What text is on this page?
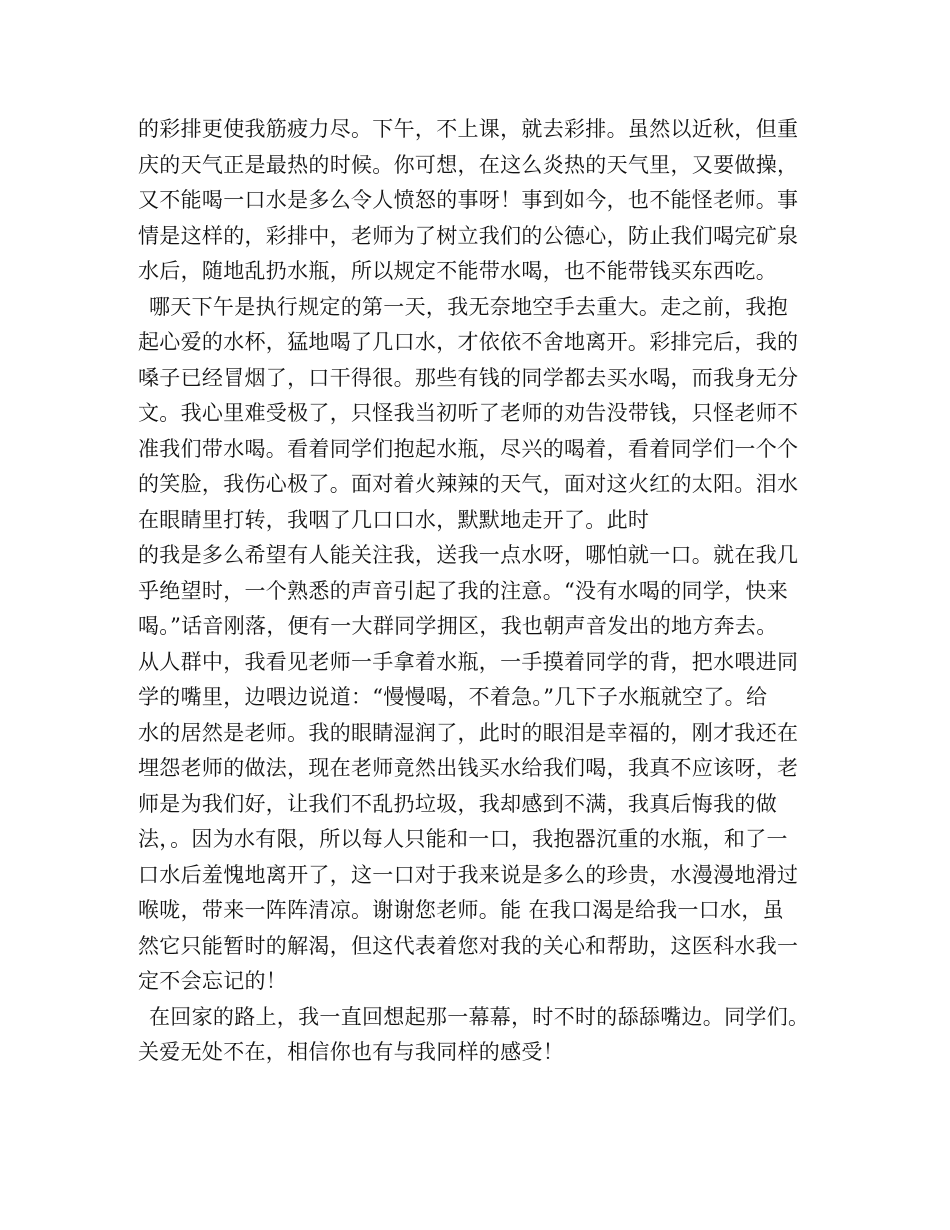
的彩排更使我筋疲力尽。下午，不上课，就去彩排。虽然以近秋，但重
庆的天气正是最热的时候。你可想，在这么炎热的天气里，又要做操，
又不能喝一口水是多么令人愤怒的事呀！事到如今，也不能怪老师。事
情是这样的，彩排中，老师为了树立我们的公德心，防止我们喝完矿泉
水后，随地乱扔水瓶，所以规定不能带水喝，也不能带钱买东西吃。
哪天下午是执行规定的第一天，我无奈地空手去重大。走之前，我抱
起心爱的水杯，猛地喝了几口水，才依依不舍地离开。彩排完后，我的
嗓子已经冒烟了，口干得很。那些有钱的同学都去买水喝，而我身无分
文。我心里难受极了，只怪我当初听了老师的劝告没带钱，只怪老师不
准我们带水喝。看着同学们抱起水瓶，尽兴的喝着，看着同学们一个个
的笑脸，我伤心极了。面对着火辣辣的天气，面对这火红的太阳。泪水
在眼睛里打转，我咽了几口口水，默默地走开了。此时
的我是多么希望有人能关注我，送我一点水呀，哪怕就一口。就在我几
乎绝望时，一个熟悉的声音引起了我的注意。“没有水喝的同学，快来
喝。”话音刚落，便有一大群同学拥区，我也朝声音发出的地方奔去。
从人群中，我看见老师一手拿着水瓶，一手摸着同学的背，把水喂进同
学的嘴里，边喂边说道：“慢慢喝，不着急。”几下子水瓶就空了。给
水的居然是老师。我的眼睛湿润了，此时的眼泪是幸福的，刚才我还在
埋怨老师的做法，现在老师竟然出钱买水给我们喝，我真不应该呀，老
师是为我们好，让我们不乱扔垃圾，我却感到不满，我真后悔我的做
法，。因为水有限，所以每人只能和一口，我抱器沉重的水瓶，和了一
口水后羞愧地离开了，这一口对于我来说是多么的珍贵，水漫漫地滑过
喉咙，带来一阵阵清凉。谢谢您老师。能 在我口渴是给我一口水，虽
然它只能暂时的解渴，但这代表着您对我的关心和帮助，这医科水我一
定不会忘记的！
在回家的路上，我一直回想起那一幕幕，时不时的舔舔嘴边。同学们。
关爱无处不在，相信你也有与我同样的感受！
